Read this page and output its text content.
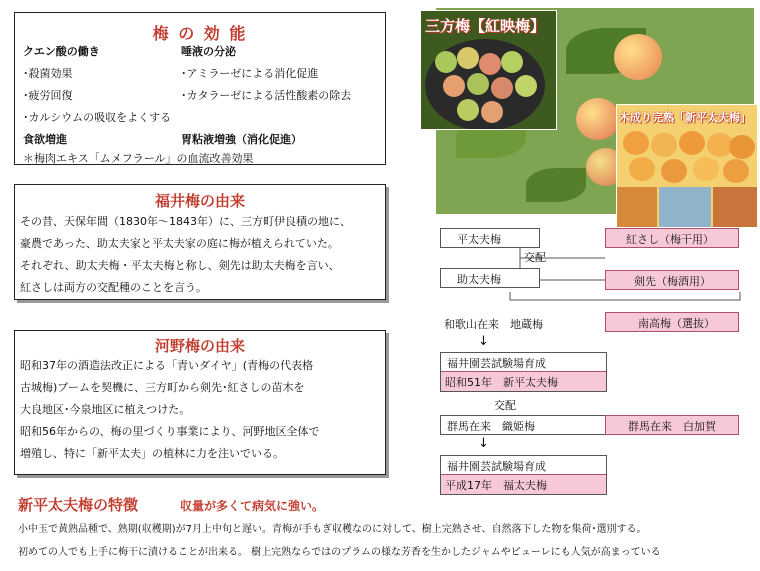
梅 の 効 能
クエン酸の働き
･殺菌効果
･疲労回復
･カルシウムの吸収をよくする
食欲増進
唾液の分泌
･アミラーゼによる消化促進
･カタラーゼによる活性酸素の除去
胃粘液増強（消化促進）
＊梅肉エキス「ムメフラール」の血流改善効果
福井梅の由来
その昔、天保年間（1830年～1843年）に、三方町伊良積の地に、
豪農であった、助太夫家と平太夫家の庭に梅が植えられていた。
それぞれ、助太夫梅・平太夫梅と称し、剣先は助太夫梅を言い、
紅さしは両方の交配種のことを言う。
河野梅の由来
昭和37年の酒造法改正による「青いダイヤ」(青梅の代表格
古城梅)ブームを契機に、三方町から剣先･紅さしの苗木を
大良地区･今泉地区に植えつけた。
昭和56年からの、梅の里づくり事業により、河野地区全体で
増殖し、特に「新平太夫」の植林に力を注いでいる。
三方梅【紅映梅】
木成り完熟「新平太夫梅」
平太夫梅
交配
助太夫梅
紅さし（梅干用）
剣先（梅酒用）
和歌山在来　地蔵梅	南高梅（選抜）
↓
福井園芸試験場育成
昭和51年　新平太夫梅
交配
群馬在来　織姫梅	群馬在来　白加賀
↓
福井園芸試験場育成
平成17年　福太夫梅
新平太夫梅の特徴	収量が多くて病気に強い。
小中玉で黄熟品種で、熟期(収穫期)が7月上中旬と遅い。青梅が手もぎ収穫なのに対して、樹上完熟させ、自然落下した物を集荷･選別する。
初めての人でも上手に梅干に漬けることが出来る。 樹上完熟ならではのプラムの様な芳香を生かしたジャムやピューレにも人気が高まっている
